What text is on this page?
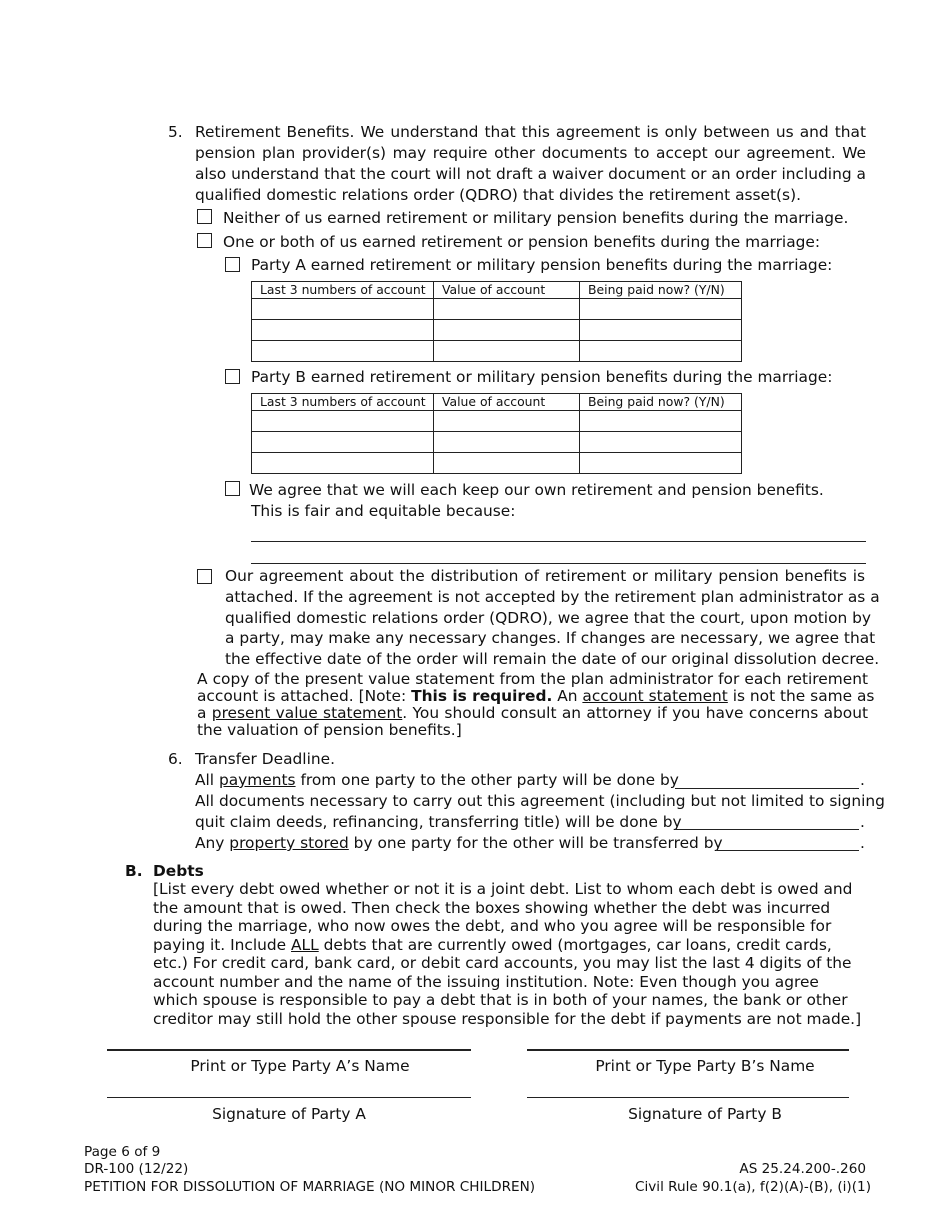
5. Retirement Benefits. We understand that this agreement is only between us and that
pension plan provider(s) may require other documents to accept our agreement. We
also understand that the court will not draft a waiver document or an order including a
qualified domestic relations order (QDRO) that divides the retirement asset(s).
Neither of us earned retirement or military pension benefits during the marriage.
One or both of us earned retirement or pension benefits during the marriage:
Party A earned retirement or military pension benefits during the marriage:
Last 3 numbers of account	Value of account	Being paid now? (Y/N)

Party B earned retirement or military pension benefits during the marriage:
Last 3 numbers of account	Value of account	Being paid now? (Y/N)

We agree that we will each keep our own retirement and pension benefits.
This is fair and equitable because:
Our agreement about the distribution of retirement or military pension benefits is
attached. If the agreement is not accepted by the retirement plan administrator as a
qualified domestic relations order (QDRO), we agree that the court, upon motion by
a party, may make any necessary changes. If changes are necessary, we agree that
the effective date of the order will remain the date of our original dissolution decree.
A copy of the present value statement from the plan administrator for each retirement
account is attached. [Note: This is required. An account statement is not the same as
a present value statement. You should consult an attorney if you have concerns about
the valuation of pension benefits.]
6. Transfer Deadline.
All payments from one party to the other party will be done by	.
All documents necessary to carry out this agreement (including but not limited to signing
quit claim deeds, refinancing, transferring title) will be done by	.
Any property stored by one party for the other will be transferred by	.
B. Debts
[List every debt owed whether or not it is a joint debt. List to whom each debt is owed and
the amount that is owed. Then check the boxes showing whether the debt was incurred
during the marriage, who now owes the debt, and who you agree will be responsible for
paying it. Include ALL debts that are currently owed (mortgages, car loans, credit cards,
etc.) For credit card, bank card, or debit card accounts, you may list the last 4 digits of the
account number and the name of the issuing institution. Note: Even though you agree
which spouse is responsible to pay a debt that is in both of your names, the bank or other
creditor may still hold the other spouse responsible for the debt if payments are not made.]
Print or Type Party A’s Name	Print or Type Party B’s Name
Signature of Party A	Signature of Party B
Page 6 of 9
DR-100 (12/22)
PETITION FOR DISSOLUTION OF MARRIAGE (NO MINOR CHILDREN)
AS 25.24.200-.260
Civil Rule 90.1(a), f(2)(A)-(B), (i)(1)
